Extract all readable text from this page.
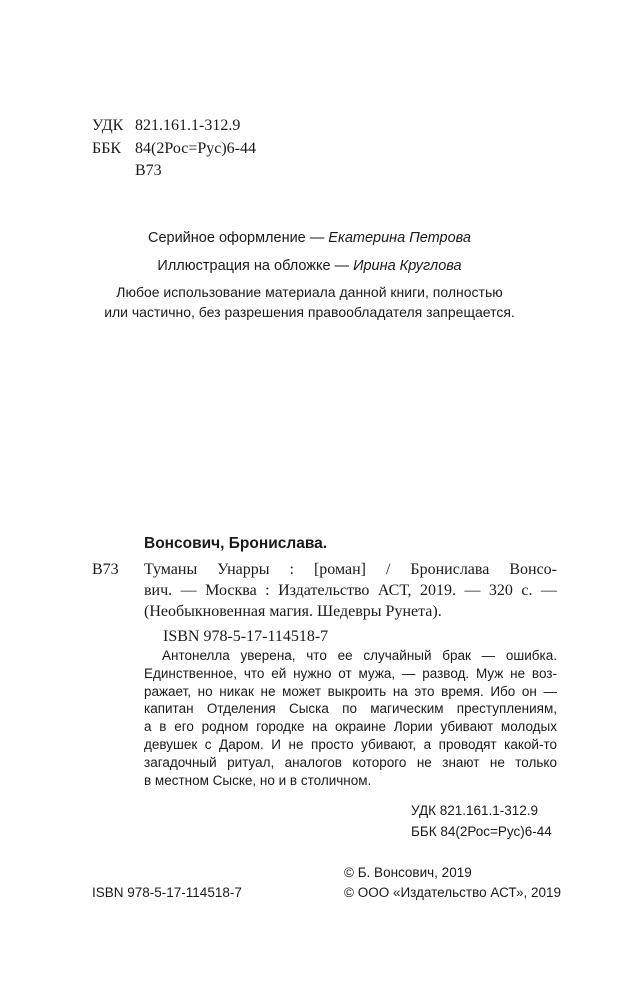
УДК 821.161.1-312.9
ББК 84(2Рос=Рус)6-44
В73
Серийное оформление — Екатерина Петрова
Иллюстрация на обложке — Ирина Круглова
Любое использование материала данной книги, полностью
или частично, без разрешения правообладателя запрещается.
Вонсович, Бронислава.
В73 Туманы Унарры : [роман] / Бронислава Вонсо-
вич. — Москва : Издательство АСТ, 2019. — 320 с. —
(Необыкновенная магия. Шедевры Рунета).
ISBN 978-5-17-114518-7
Антонелла уверена, что ее случайный брак — ошибка.
Единственное, что ей нужно от мужа, — развод. Муж не воз-
ражает, но никак не может выкроить на это время. Ибо он —
капитан Отделения Сыска по магическим преступлениям,
а в его родном городке на окраине Лории убивают молодых
девушек с Даром. И не просто убивают, а проводят какой-то
загадочный ритуал, аналогов которого не знают не только
в местном Сыске, но и в столичном.
УДК 821.161.1-312.9
ББК 84(2Рос=Рус)6-44
ISBN 978-5-17-114518-7
© Б. Вонсович, 2019
© ООО «Издательство АСТ», 2019
